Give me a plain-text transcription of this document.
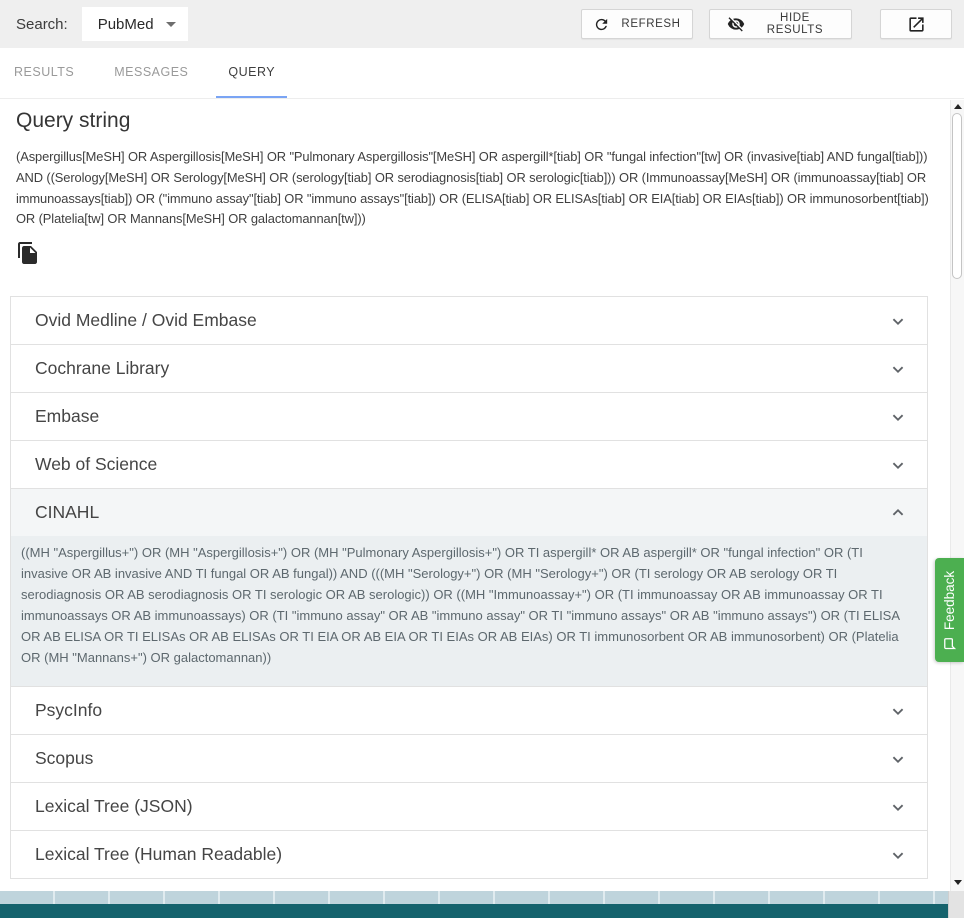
Search: PubMed	REFRESH	HIDE RESULTS
RESULTS	MESSAGES	QUERY
Query string

(Aspergillus[MeSH] OR Aspergillosis[MeSH] OR "Pulmonary Aspergillosis"[MeSH] OR aspergill*[tiab] OR "fungal infection"[tw] OR (invasive[tiab] AND fungal[tiab])) AND ((Serology[MeSH] OR Serology[MeSH] OR (serology[tiab] OR serodiagnosis[tiab] OR serologic[tiab])) OR (Immunoassay[MeSH] OR (immunoassay[tiab] OR immunoassays[tiab]) OR ("immuno assay"[tiab] OR "immuno assays"[tiab]) OR (ELISA[tiab] OR ELISAs[tiab] OR EIA[tiab] OR EIAs[tiab]) OR immunosorbent[tiab]) OR (Platelia[tw] OR Mannans[MeSH] OR galactomannan[tw]))

Ovid Medline / Ovid Embase
Cochrane Library
Embase
Web of Science
CINAHL
((MH "Aspergillus+") OR (MH "Aspergillosis+") OR (MH "Pulmonary Aspergillosis+") OR TI aspergill* OR AB aspergill* OR "fungal infection" OR (TI invasive OR AB invasive AND TI fungal OR AB fungal)) AND (((MH "Serology+") OR (MH "Serology+") OR (TI serology OR AB serology OR TI serodiagnosis OR AB serodiagnosis OR TI serologic OR AB serologic)) OR ((MH "Immunoassay+") OR (TI immunoassay OR AB immunoassay OR TI immunoassays OR AB immunoassays) OR (TI "immuno assay" OR AB "immuno assay" OR TI "immuno assays" OR AB "immuno assays") OR (TI ELISA OR AB ELISA OR TI ELISAs OR AB ELISAs OR TI EIA OR AB EIA OR TI EIAs OR AB EIAs) OR TI immunosorbent OR AB immunosorbent) OR (Platelia OR (MH "Mannans+") OR galactomannan))
PsycInfo
Scopus
Lexical Tree (JSON)
Lexical Tree (Human Readable)
Feedback
